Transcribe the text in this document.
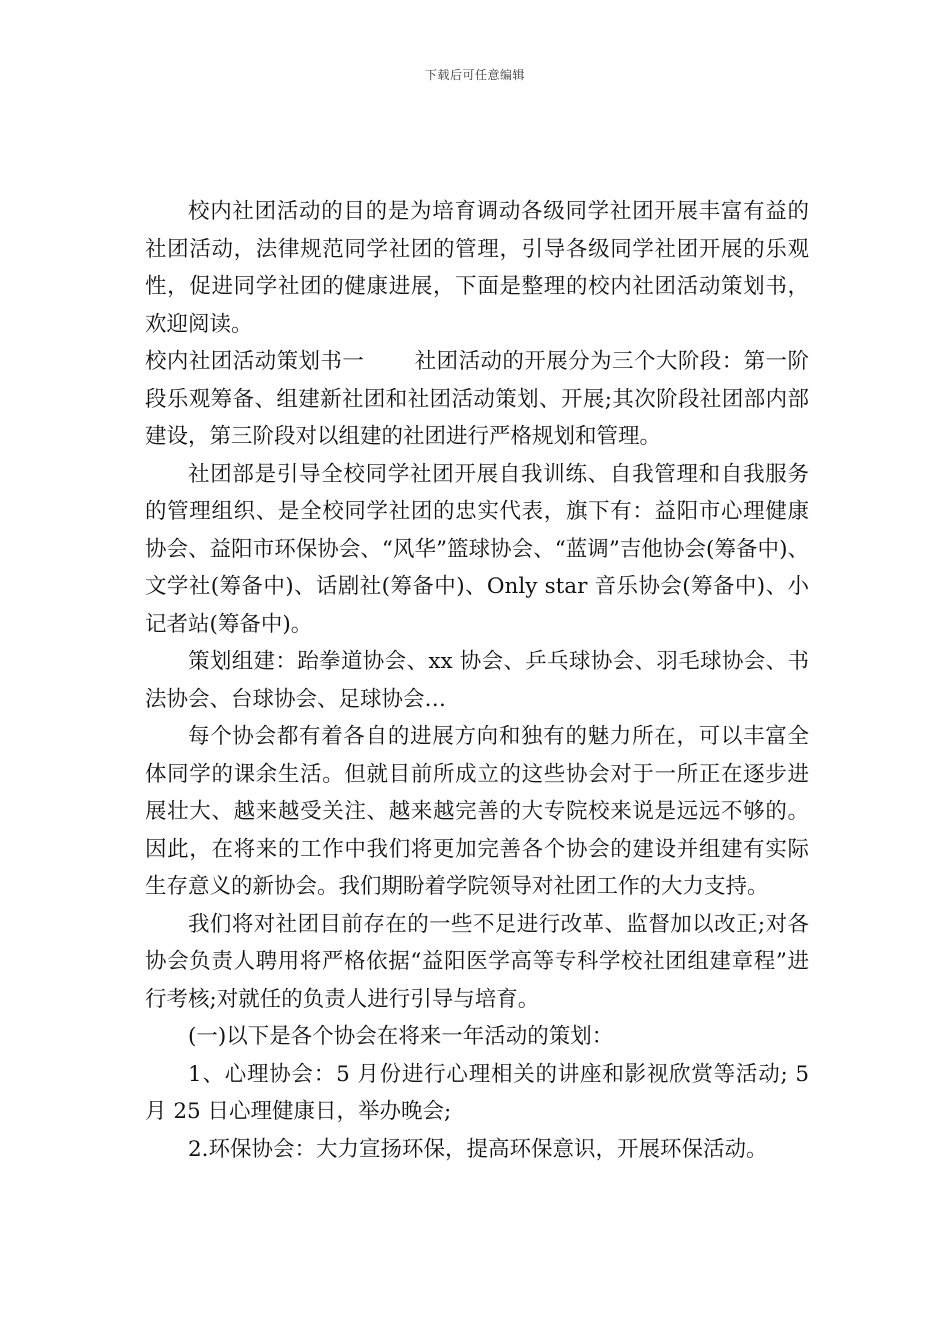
下载后可任意编辑

校内社团活动的目的是为培育调动各级同学社团开展丰富有益的社团活动，法律规范同学社团的管理，引导各级同学社团开展的乐观性，促进同学社团的健康进展，下面是整理的校内社团活动策划书，欢迎阅读。

校内社团活动策划书一 社团活动的开展分为三个大阶段：第一阶段乐观筹备、组建新社团和社团活动策划、开展;其次阶段社团部内部建设，第三阶段对以组建的社团进行严格规划和管理。

社团部是引导全校同学社团开展自我训练、自我管理和自我服务的管理组织、是全校同学社团的忠实代表，旗下有：益阳市心理健康协会、益阳市环保协会、“风华”篮球协会、“蓝调”吉他协会(筹备中)、文学社(筹备中)、话剧社(筹备中)、Only star 音乐协会(筹备中)、小记者站(筹备中)。

策划组建：跆拳道协会、xx 协会、乒乓球协会、羽毛球协会、书法协会、台球协会、足球协会…

每个协会都有着各自的进展方向和独有的魅力所在，可以丰富全体同学的课余生活。但就目前所成立的这些协会对于一所正在逐步进展壮大、越来越受关注、越来越完善的大专院校来说是远远不够的。因此，在将来的工作中我们将更加完善各个协会的建设并组建有实际生存意义的新协会。我们期盼着学院领导对社团工作的大力支持。

我们将对社团目前存在的一些不足进行改革、监督加以改正;对各协会负责人聘用将严格依据“益阳医学高等专科学校社团组建章程”进行考核;对就任的负责人进行引导与培育。

(一)以下是各个协会在将来一年活动的策划：

1、心理协会：5 月份进行心理相关的讲座和影视欣赏等活动; 5 月 25 日心理健康日，举办晚会;

2.环保协会：大力宣扬环保，提高环保意识，开展环保活动。
